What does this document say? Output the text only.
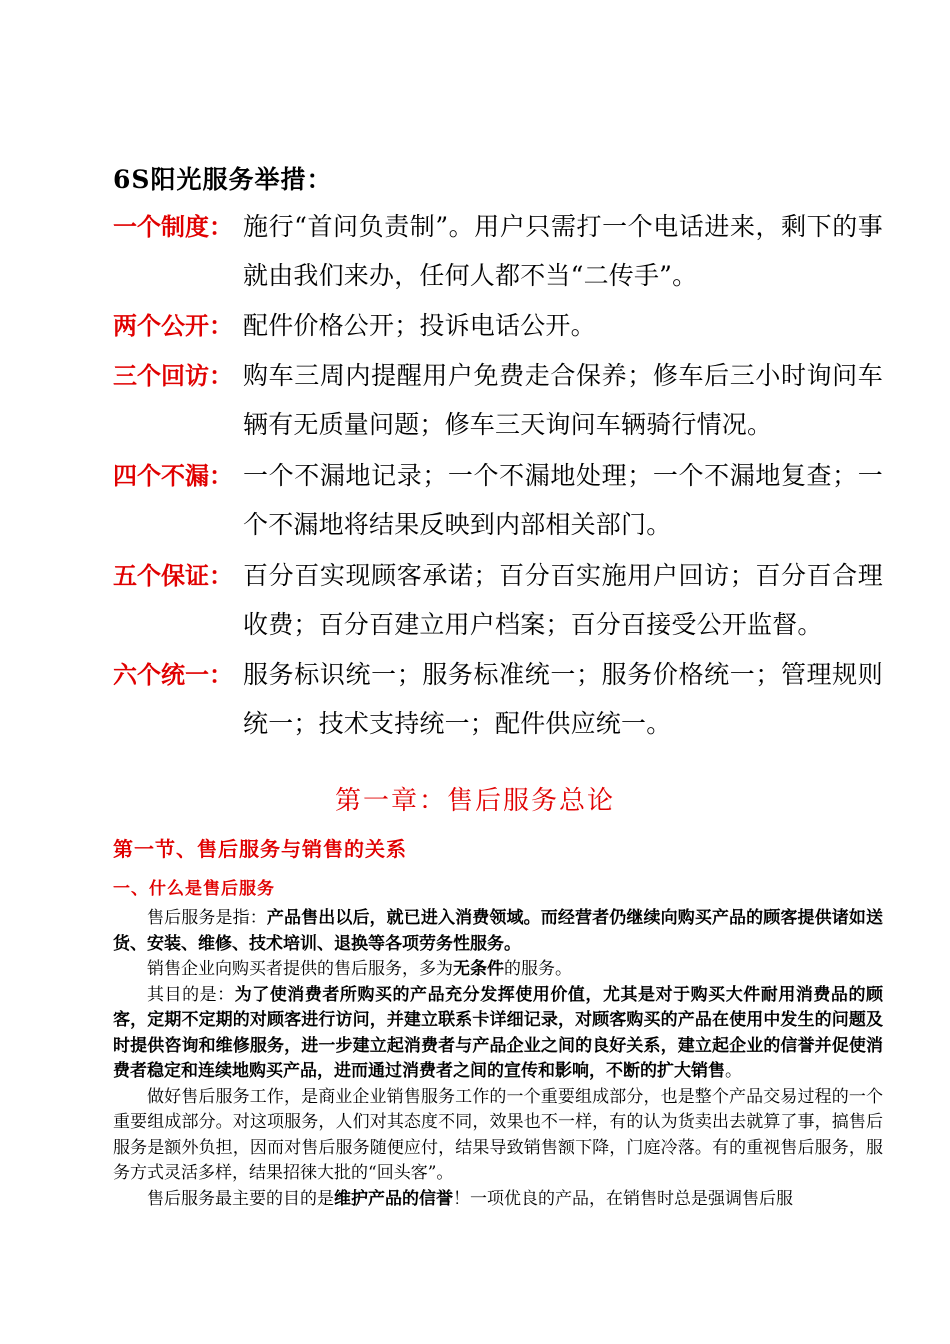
6S阳光服务举措：
一个制度： 施行“首问负责制”。用户只需打一个电话进来，剩下的事就由我们来办，任何人都不当“二传手”。
两个公开： 配件价格公开；投诉电话公开。
三个回访： 购车三周内提醒用户免费走合保养；修车后三小时询问车辆有无质量问题；修车三天询问车辆骑行情况。
四个不漏： 一个不漏地记录；一个不漏地处理；一个不漏地复查；一个不漏地将结果反映到内部相关部门。
五个保证： 百分百实现顾客承诺；百分百实施用户回访；百分百合理收费；百分百建立用户档案；百分百接受公开监督。
六个统一： 服务标识统一；服务标准统一；服务价格统一；管理规则统一；技术支持统一；配件供应统一。
第一章：售后服务总论
第一节、售后服务与销售的关系
一、什么是售后服务

售后服务是指：产品售出以后，就已进入消费领域。而经营者仍继续向购买产品的顾客提供诸如送货、安装、维修、技术培训、退换等各项劳务性服务。

销售企业向购买者提供的售后服务，多为无条件的服务。

其目的是：为了使消费者所购买的产品充分发挥使用价值，尤其是对于购买大件耐用消费品的顾客，定期不定期的对顾客进行访问，并建立联系卡详细记录，对顾客购买的产品在使用中发生的问题及时提供咨询和维修服务，进一步建立起消费者与产品企业之间的良好关系，建立起企业的信誉并促使消费者稳定和连续地购买产品，进而通过消费者之间的宣传和影响，不断的扩大销售。

做好售后服务工作，是商业企业销售服务工作的一个重要组成部分，也是整个产品交易过程的一个重要组成部分。对这项服务，人们对其态度不同，效果也不一样，有的认为货卖出去就算了事，搞售后服务是额外负担，因而对售后服务随便应付，结果导致销售额下降，门庭冷落。有的重视售后服务，服务方式灵活多样，结果招徕大批的“回头客”。

售后服务最主要的目的是维护产品的信誉！一项优良的产品，在销售时总是强调售后服
